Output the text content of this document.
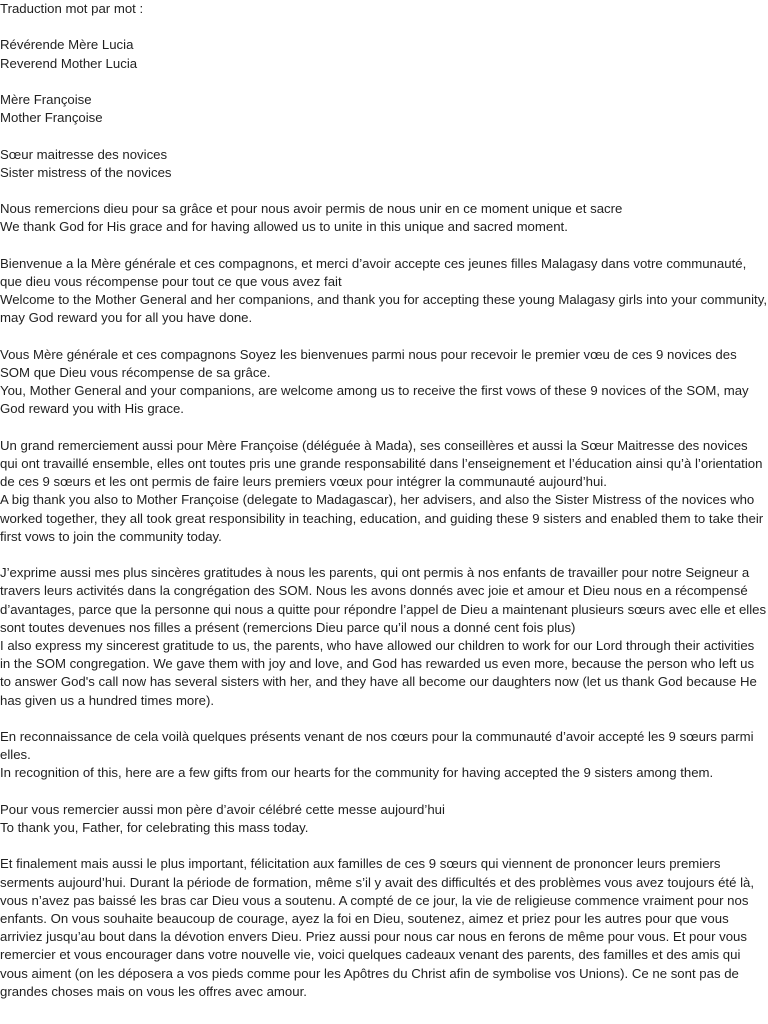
Traduction mot par mot :

Révérende Mère Lucia
Reverend Mother Lucia

Mère Françoise
Mother Françoise

Sœur maitresse des novices
Sister mistress of the novices

Nous remercions dieu pour sa grâce et pour nous avoir permis de nous unir en ce moment unique et sacre
We thank God for His grace and for having allowed us to unite in this unique and sacred moment.

Bienvenue a la Mère générale et ces compagnons, et merci d’avoir accepte ces jeunes filles Malagasy dans votre communauté, que dieu vous récompense pour tout ce que vous avez fait
Welcome to the Mother General and her companions, and thank you for accepting these young Malagasy girls into your community, may God reward you for all you have done.

Vous Mère générale et ces compagnons Soyez les bienvenues parmi nous pour recevoir le premier vœu de ces 9 novices des SOM que Dieu vous récompense de sa grâce.
You, Mother General and your companions, are welcome among us to receive the first vows of these 9 novices of the SOM, may God reward you with His grace.

Un grand remerciement aussi pour Mère Françoise (déléguée à Mada), ses conseillères et aussi la Sœur Maitresse des novices qui ont travaillé ensemble, elles ont toutes pris une grande responsabilité dans l’enseignement et l’éducation ainsi qu’à l’orientation de ces 9 sœurs et les ont permis de faire leurs premiers vœux pour intégrer la communauté aujourd’hui.
A big thank you also to Mother Françoise (delegate to Madagascar), her advisers, and also the Sister Mistress of the novices who worked together, they all took great responsibility in teaching, education, and guiding these 9 sisters and enabled them to take their first vows to join the community today.

J’exprime aussi mes plus sincères gratitudes à nous les parents, qui ont permis à nos enfants de travailler pour notre Seigneur a travers leurs activités dans la congrégation des SOM. Nous les avons donnés avec joie et amour et Dieu nous en a récompensé d’avantages, parce que la personne qui nous a quitte pour répondre l’appel de Dieu a maintenant plusieurs sœurs avec elle et elles sont toutes devenues nos filles a présent (remercions Dieu parce qu’il nous a donné cent fois plus)
I also express my sincerest gratitude to us, the parents, who have allowed our children to work for our Lord through their activities in the SOM congregation. We gave them with joy and love, and God has rewarded us even more, because the person who left us to answer God's call now has several sisters with her, and they have all become our daughters now (let us thank God because He has given us a hundred times more).

En reconnaissance de cela voilà quelques présents venant de nos cœurs pour la communauté d’avoir accepté les 9 sœurs parmi elles.
In recognition of this, here are a few gifts from our hearts for the community for having accepted the 9 sisters among them.

Pour vous remercier aussi mon père d’avoir célébré cette messe aujourd’hui
To thank you, Father, for celebrating this mass today.

Et finalement mais aussi le plus important, félicitation aux familles de ces 9 sœurs qui viennent de prononcer leurs premiers serments aujourd’hui. Durant la période de formation, même s’il y avait des difficultés et des problèmes vous avez toujours été là, vous n’avez pas baissé les bras car Dieu vous a soutenu. A compté de ce jour, la vie de religieuse commence vraiment pour nos enfants. On vous souhaite beaucoup de courage, ayez la foi en Dieu, soutenez, aimez et priez pour les autres pour que vous arriviez jusqu’au bout dans la dévotion envers Dieu. Priez aussi pour nous car nous en ferons de même pour vous. Et pour vous remercier et vous encourager dans votre nouvelle vie, voici quelques cadeaux venant des parents, des familles et des amis qui vous aiment (on les déposera a vos pieds comme pour les Apôtres du Christ afin de symbolise vos Unions). Ce ne sont pas de grandes choses mais on vous les offres avec amour.
